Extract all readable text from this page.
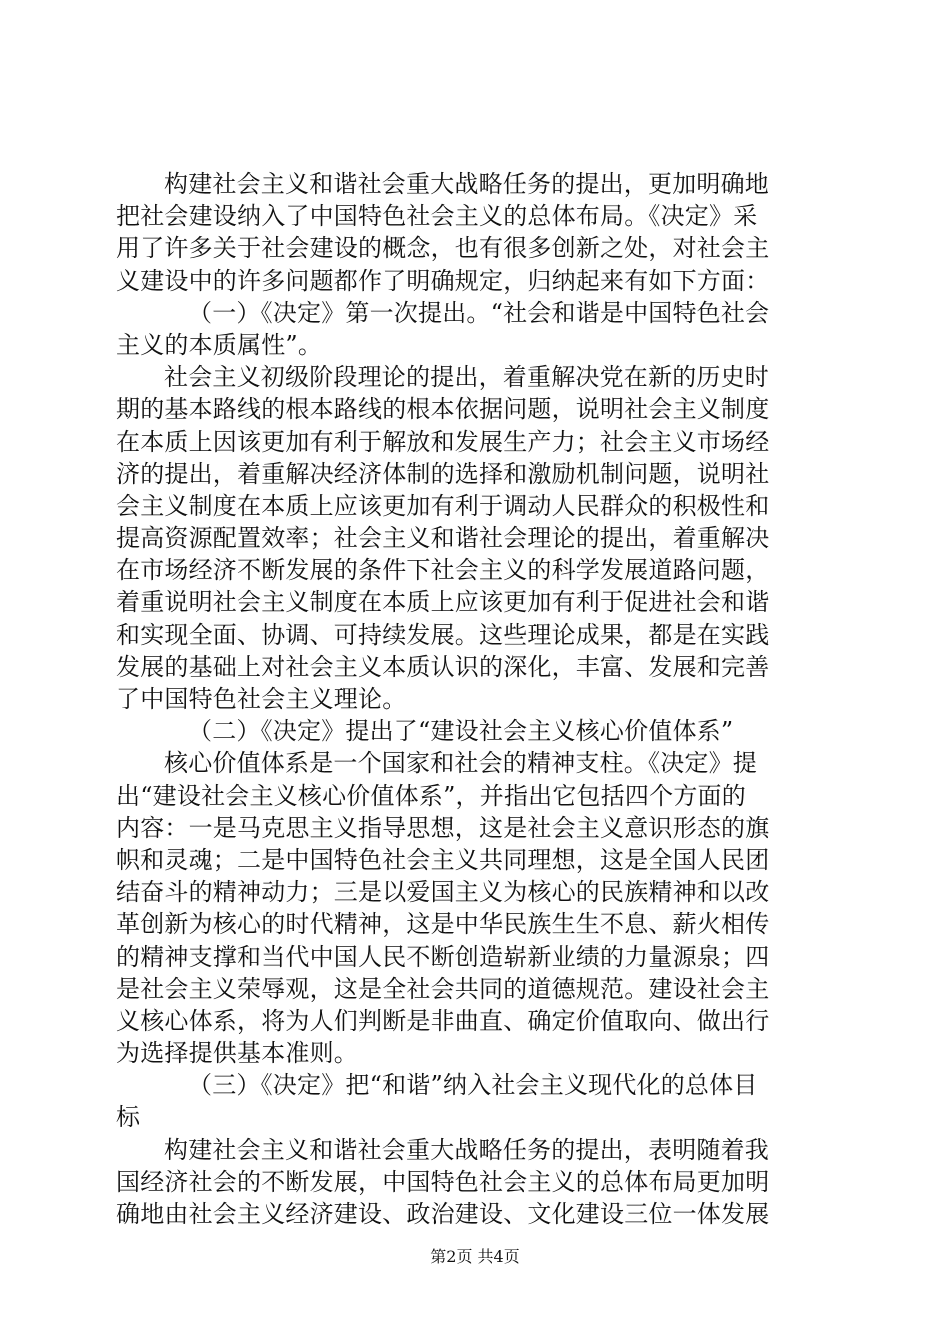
构建社会主义和谐社会重大战略任务的提出，更加明确地
把社会建设纳入了中国特色社会主义的总体布局。《决定》采
用了许多关于社会建设的概念，也有很多创新之处，对社会主
义建设中的许多问题都作了明确规定，归纳起来有如下方面：
（一）《决定》第一次提出。“社会和谐是中国特色社会
主义的本质属性”。
社会主义初级阶段理论的提出，着重解决党在新的历史时
期的基本路线的根本路线的根本依据问题，说明社会主义制度
在本质上因该更加有利于解放和发展生产力；社会主义市场经
济的提出，着重解决经济体制的选择和激励机制问题，说明社
会主义制度在本质上应该更加有利于调动人民群众的积极性和
提高资源配置效率；社会主义和谐社会理论的提出，着重解决
在市场经济不断发展的条件下社会主义的科学发展道路问题，
着重说明社会主义制度在本质上应该更加有利于促进社会和谐
和实现全面、协调、可持续发展。这些理论成果，都是在实践
发展的基础上对社会主义本质认识的深化，丰富、发展和完善
了中国特色社会主义理论。
（二）《决定》提出了“建设社会主义核心价值体系”
核心价值体系是一个国家和社会的精神支柱。《决定》提
出“建设社会主义核心价值体系”，并指出它包括四个方面的
内容：一是马克思主义指导思想，这是社会主义意识形态的旗
帜和灵魂；二是中国特色社会主义共同理想，这是全国人民团
结奋斗的精神动力；三是以爱国主义为核心的民族精神和以改
革创新为核心的时代精神，这是中华民族生生不息、薪火相传
的精神支撑和当代中国人民不断创造崭新业绩的力量源泉；四
是社会主义荣辱观，这是全社会共同的道德规范。建设社会主
义核心体系，将为人们判断是非曲直、确定价值取向、做出行
为选择提供基本准则。
（三）《决定》把“和谐”纳入社会主义现代化的总体目
标
构建社会主义和谐社会重大战略任务的提出，表明随着我
国经济社会的不断发展，中国特色社会主义的总体布局更加明
确地由社会主义经济建设、政治建设、文化建设三位一体发展
第2页 共4页
